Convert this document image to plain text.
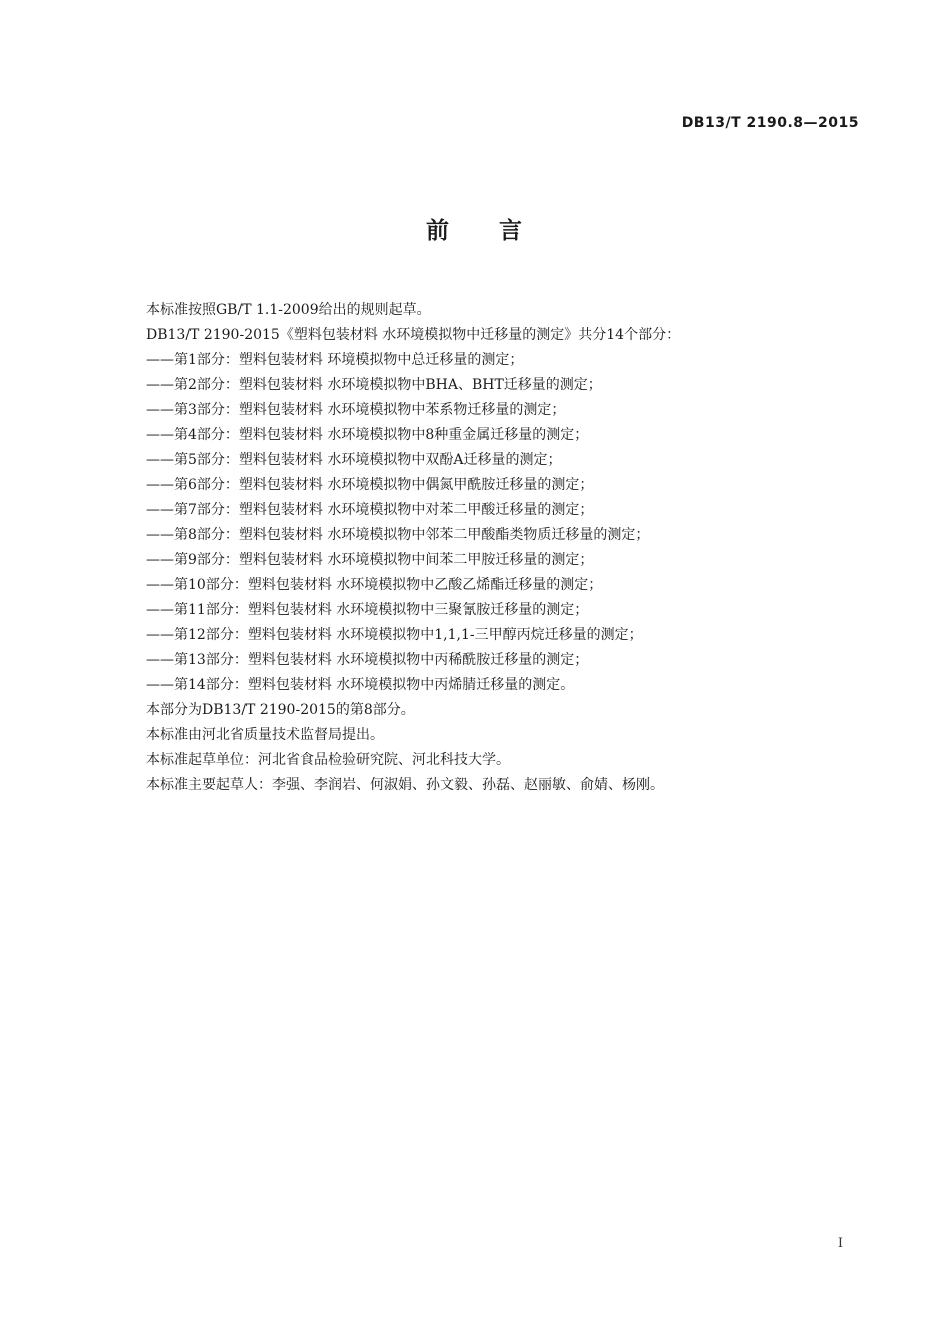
DB13/T 2190.8—2015
前 言
本标准按照GB/T 1.1-2009给出的规则起草。
DB13/T 2190-2015《塑料包装材料 水环境模拟物中迁移量的测定》共分14个部分：
——第1部分：塑料包装材料 环境模拟物中总迁移量的测定；
——第2部分：塑料包装材料 水环境模拟物中BHA、BHT迁移量的测定；
——第3部分：塑料包装材料 水环境模拟物中苯系物迁移量的测定；
——第4部分：塑料包装材料 水环境模拟物中8种重金属迁移量的测定；
——第5部分：塑料包装材料 水环境模拟物中双酚A迁移量的测定；
——第6部分：塑料包装材料 水环境模拟物中偶氮甲酰胺迁移量的测定；
——第7部分：塑料包装材料 水环境模拟物中对苯二甲酸迁移量的测定；
——第8部分：塑料包装材料 水环境模拟物中邻苯二甲酸酯类物质迁移量的测定；
——第9部分：塑料包装材料 水环境模拟物中间苯二甲胺迁移量的测定；
——第10部分：塑料包装材料 水环境模拟物中乙酸乙烯酯迁移量的测定；
——第11部分：塑料包装材料 水环境模拟物中三聚氰胺迁移量的测定；
——第12部分：塑料包装材料 水环境模拟物中1,1,1-三甲醇丙烷迁移量的测定；
——第13部分：塑料包装材料 水环境模拟物中丙稀酰胺迁移量的测定；
——第14部分：塑料包装材料 水环境模拟物中丙烯腈迁移量的测定。
本部分为DB13/T 2190-2015的第8部分。
本标准由河北省质量技术监督局提出。
本标准起草单位：河北省食品检验研究院、河北科技大学。
本标准主要起草人：李强、李润岩、何淑娟、孙文毅、孙磊、赵丽敏、俞婧、杨刚。
I
